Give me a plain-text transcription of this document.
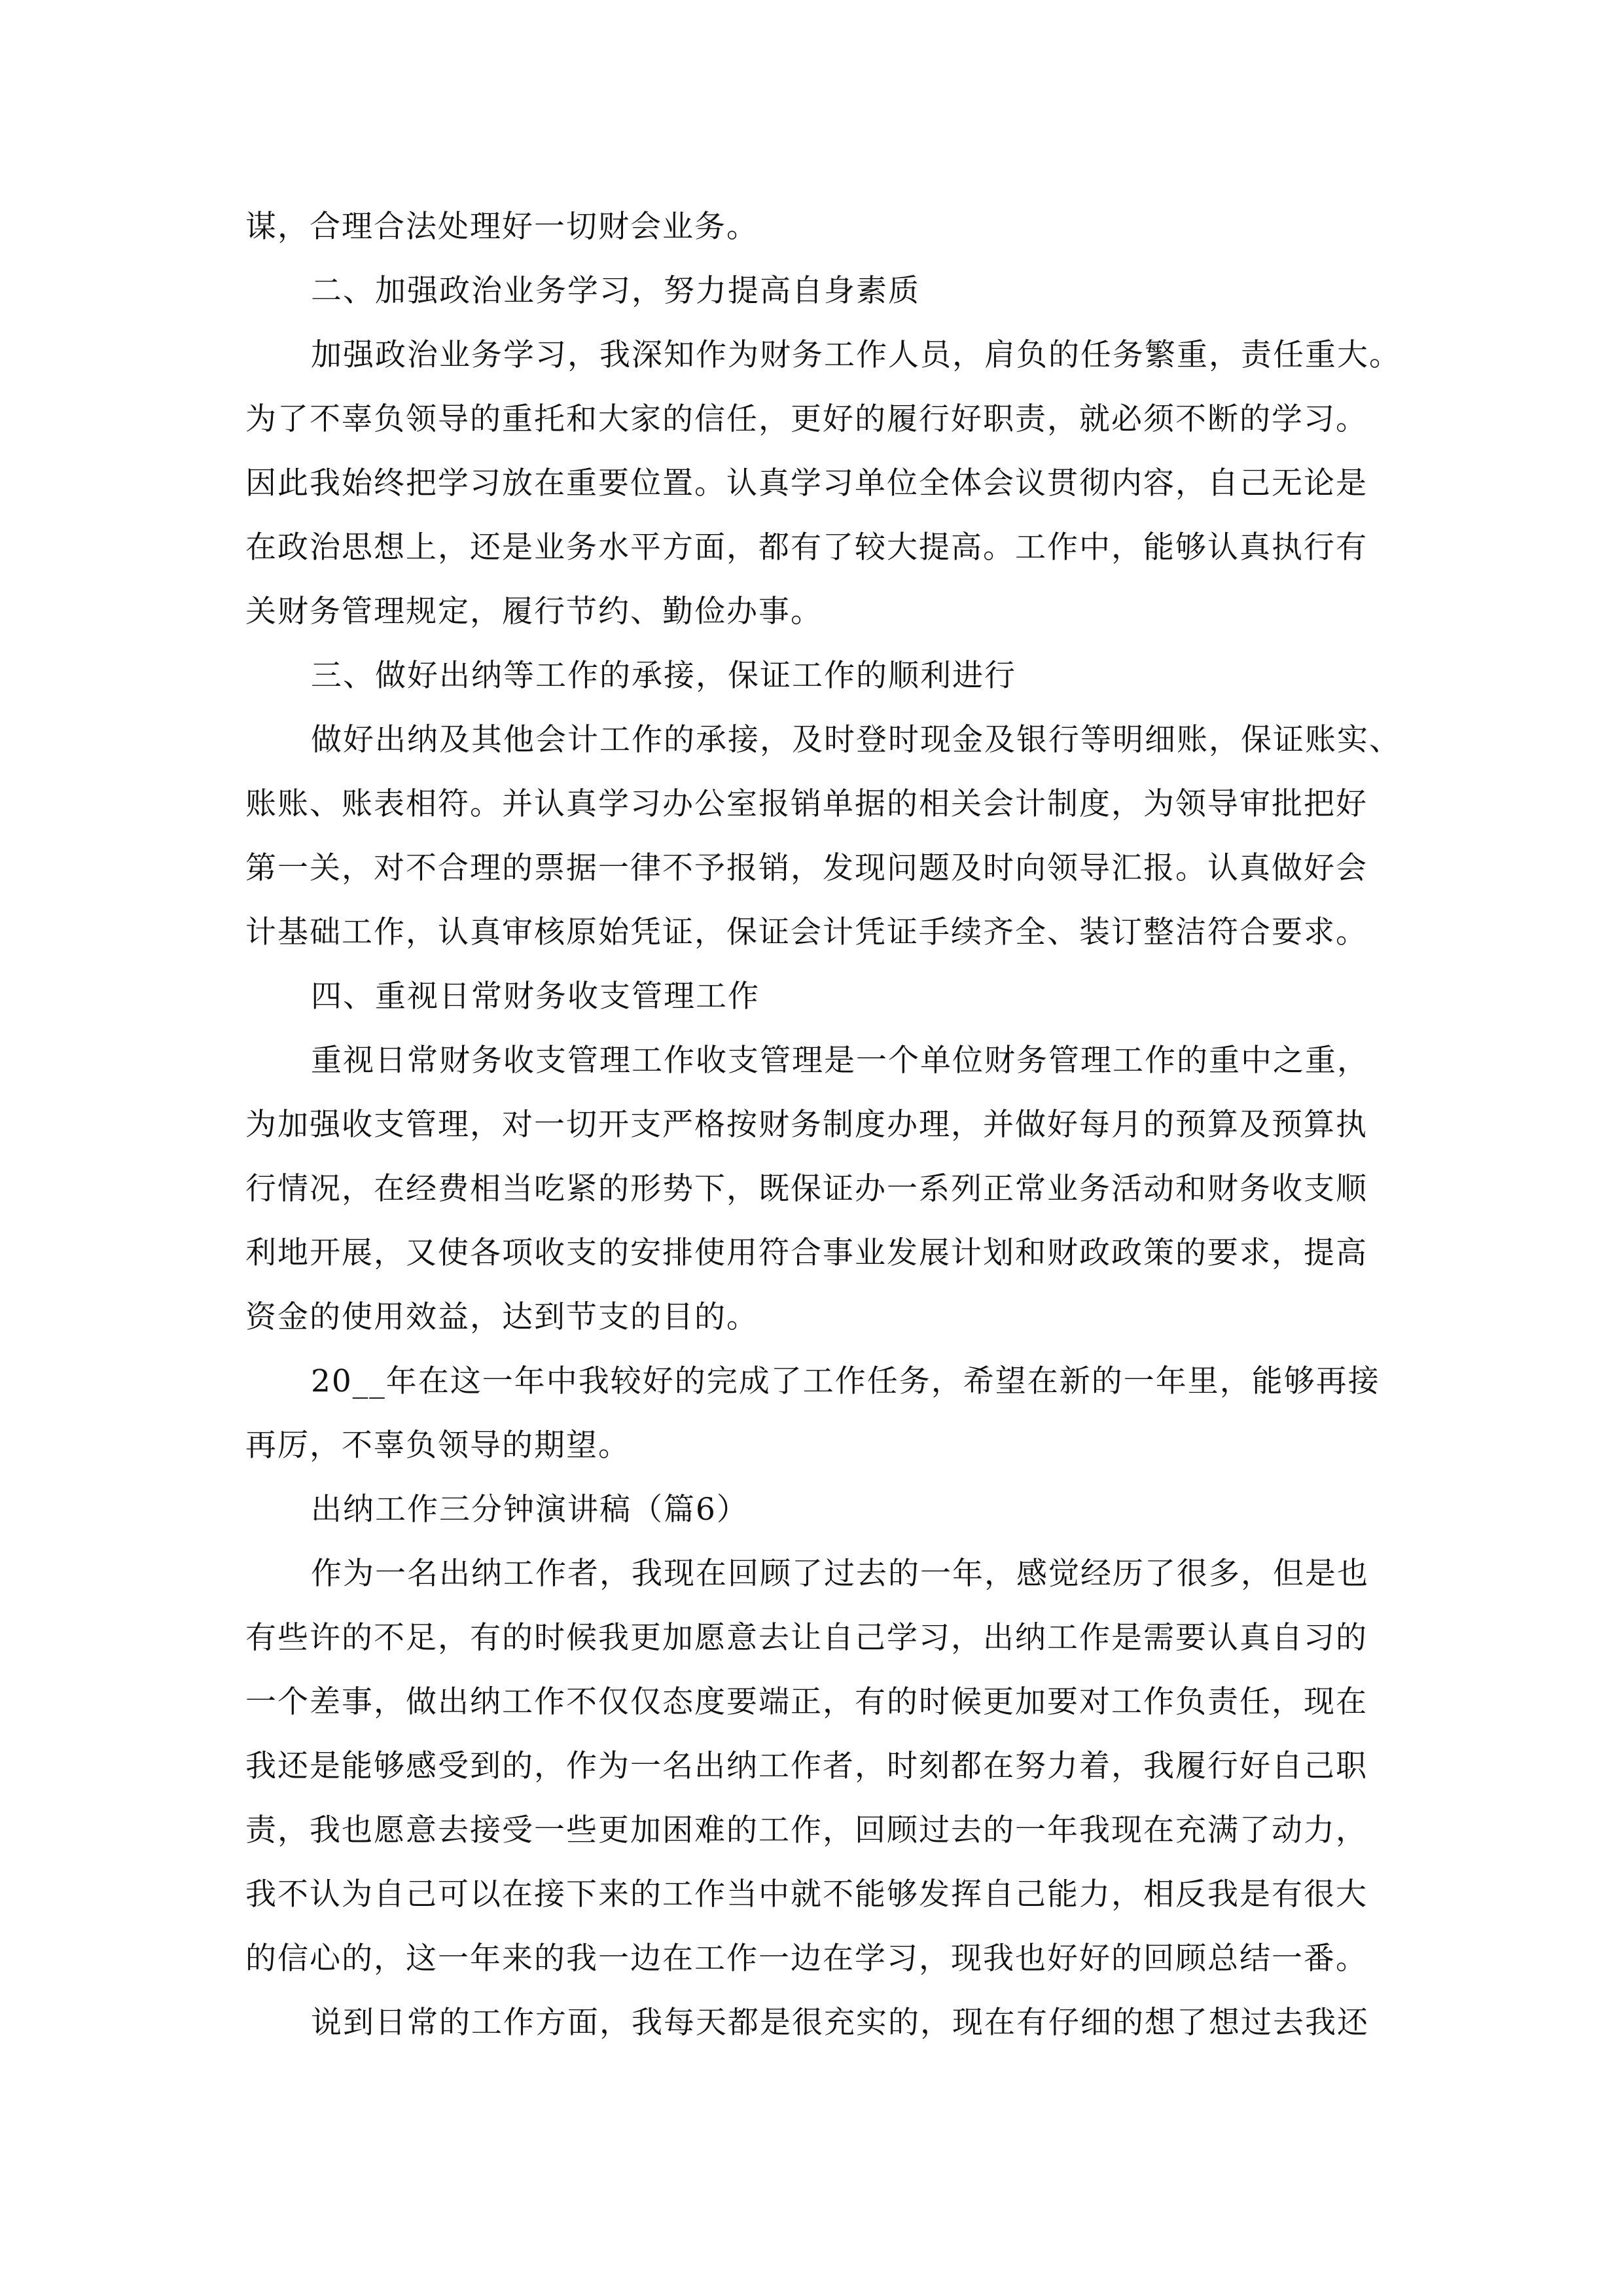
谋，合理合法处理好一切财会业务。
二、加强政治业务学习，努力提高自身素质
加强政治业务学习，我深知作为财务工作人员，肩负的任务繁重，责任重大。
为了不辜负领导的重托和大家的信任，更好的履行好职责，就必须不断的学习。
因此我始终把学习放在重要位置。认真学习单位全体会议贯彻内容，自己无论是
在政治思想上，还是业务水平方面，都有了较大提高。工作中，能够认真执行有
关财务管理规定，履行节约、勤俭办事。
三、做好出纳等工作的承接，保证工作的顺利进行
做好出纳及其他会计工作的承接，及时登时现金及银行等明细账，保证账实、
账账、账表相符。并认真学习办公室报销单据的相关会计制度，为领导审批把好
第一关，对不合理的票据一律不予报销，发现问题及时向领导汇报。认真做好会
计基础工作，认真审核原始凭证，保证会计凭证手续齐全、装订整洁符合要求。
四、重视日常财务收支管理工作
重视日常财务收支管理工作收支管理是一个单位财务管理工作的重中之重，
为加强收支管理，对一切开支严格按财务制度办理，并做好每月的预算及预算执
行情况，在经费相当吃紧的形势下，既保证办一系列正常业务活动和财务收支顺
利地开展，又使各项收支的安排使用符合事业发展计划和财政政策的要求，提高
资金的使用效益，达到节支的目的。
20__年在这一年中我较好的完成了工作任务，希望在新的一年里，能够再接
再厉，不辜负领导的期望。
出纳工作三分钟演讲稿（篇6）
作为一名出纳工作者，我现在回顾了过去的一年，感觉经历了很多，但是也
有些许的不足，有的时候我更加愿意去让自己学习，出纳工作是需要认真自习的
一个差事，做出纳工作不仅仅态度要端正，有的时候更加要对工作负责任，现在
我还是能够感受到的，作为一名出纳工作者，时刻都在努力着，我履行好自己职
责，我也愿意去接受一些更加困难的工作，回顾过去的一年我现在充满了动力，
我不认为自己可以在接下来的工作当中就不能够发挥自己能力，相反我是有很大
的信心的，这一年来的我一边在工作一边在学习，现我也好好的回顾总结一番。
说到日常的工作方面，我每天都是很充实的，现在有仔细的想了想过去我还
